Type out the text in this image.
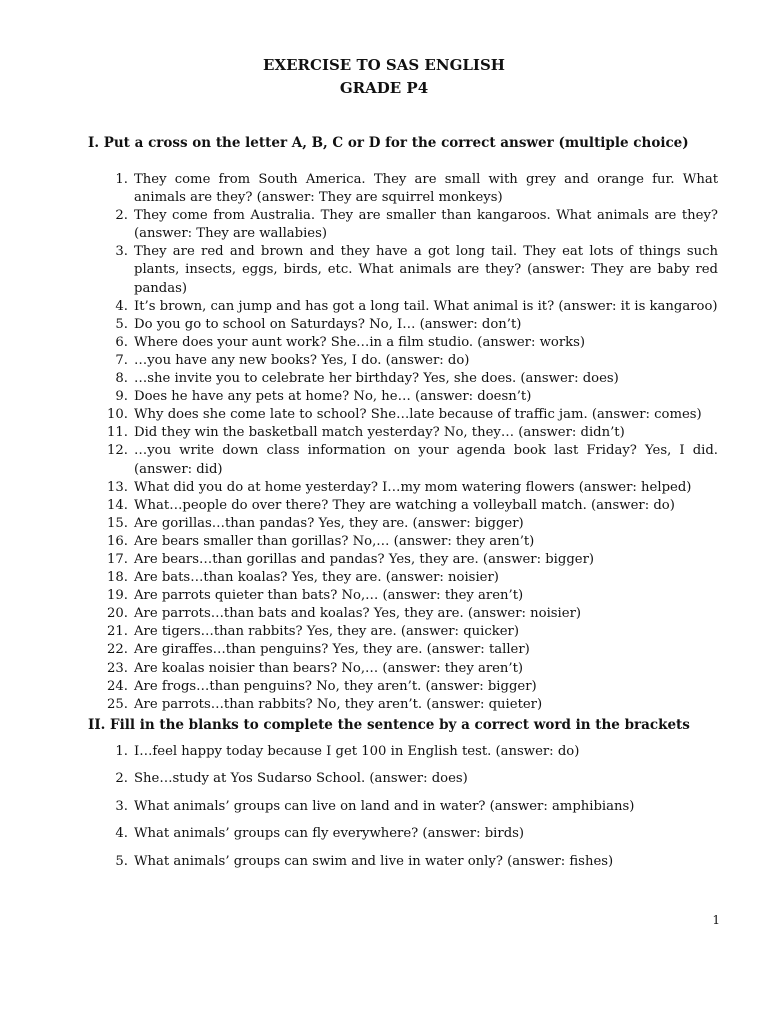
EXERCISE TO SAS ENGLISH
GRADE P4
I. Put a cross on the letter A, B, C or D for the correct answer (multiple choice)
1. They come from South America. They are small with grey and orange fur. What animals are they? (answer: They are squirrel monkeys)
2. They come from Australia. They are smaller than kangaroos. What animals are they? (answer: They are wallabies)
3. They are red and brown and they have a got long tail. They eat lots of things such plants, insects, eggs, birds, etc. What animals are they? (answer: They are baby red pandas)
4. It’s brown, can jump and has got a long tail. What animal is it? (answer: it is kangaroo)
5. Do you go to school on Saturdays? No, I… (answer: don’t)
6. Where does your aunt work? She…in a film studio. (answer: works)
7. …you have any new books? Yes, I do. (answer: do)
8. …she invite you to celebrate her birthday? Yes, she does. (answer: does)
9. Does he have any pets at home? No, he… (answer: doesn’t)
10. Why does she come late to school? She…late because of traffic jam. (answer: comes)
11. Did they win the basketball match yesterday? No, they… (answer: didn’t)
12. …you write down class information on your agenda book last Friday? Yes, I did. (answer: did)
13. What did you do at home yesterday? I…my mom watering flowers (answer: helped)
14. What…people do over there? They are watching a volleyball match. (answer: do)
15. Are gorillas…than pandas? Yes, they are. (answer: bigger)
16. Are bears smaller than gorillas? No,… (answer: they aren’t)
17. Are bears…than gorillas and pandas? Yes, they are. (answer: bigger)
18. Are bats…than koalas? Yes, they are. (answer: noisier)
19. Are parrots quieter than bats? No,… (answer: they aren’t)
20. Are parrots…than bats and koalas? Yes, they are. (answer: noisier)
21. Are tigers…than rabbits? Yes, they are. (answer: quicker)
22. Are giraffes…than penguins? Yes, they are. (answer: taller)
23. Are koalas noisier than bears? No,… (answer: they aren’t)
24. Are frogs…than penguins? No, they aren’t. (answer: bigger)
25. Are parrots…than rabbits? No, they aren’t. (answer: quieter)
II. Fill in the blanks to complete the sentence by a correct word in the brackets
1. I…feel happy today because I get 100 in English test. (answer: do)
2. She…study at Yos Sudarso School. (answer: does)
3. What animals’ groups can live on land and in water? (answer: amphibians)
4. What animals’ groups can fly everywhere? (answer: birds)
5. What animals’ groups can swim and live in water only? (answer: fishes)
1
